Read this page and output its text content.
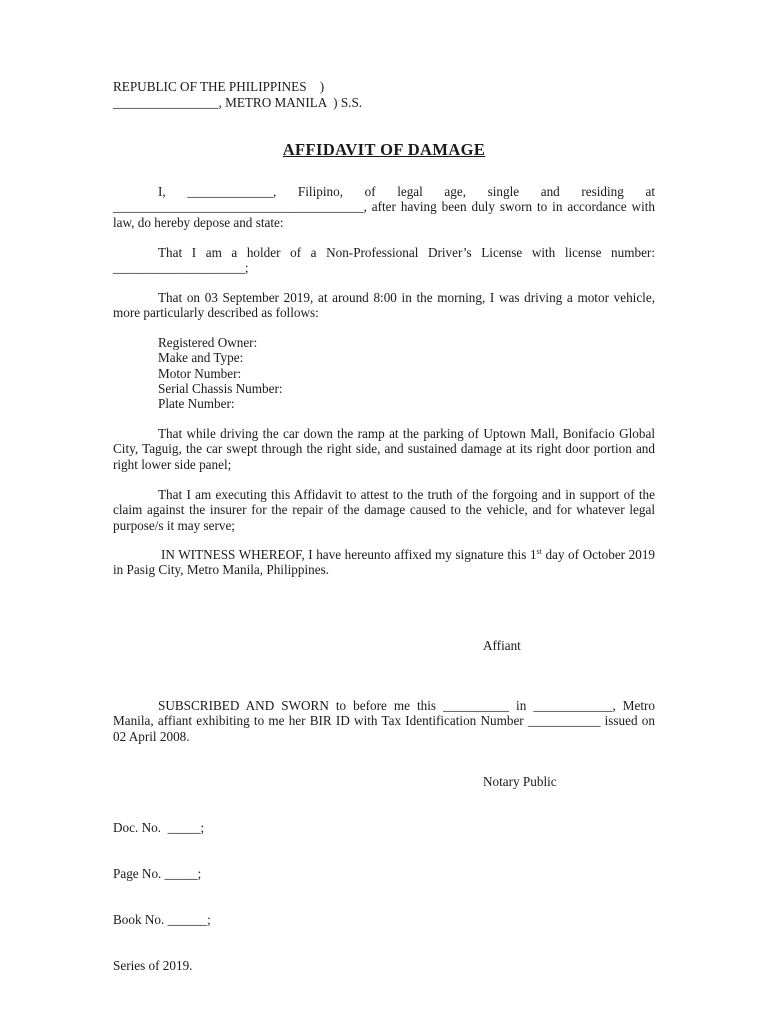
REPUBLIC OF THE PHILIPPINES    )
________________, METRO MANILA  ) S.S.
AFFIDAVIT OF DAMAGE

I, _____________, Filipino, of legal age, single and residing at ______________________________________, after having been duly sworn to in accordance with law, do hereby depose and state:

That I am a holder of a Non-Professional Driver’s License with license number: ____________________;

That on 03 September 2019, at around 8:00 in the morning, I was driving a motor vehicle, more particularly described as follows:

Registered Owner:
Make and Type:
Motor Number:
Serial Chassis Number:
Plate Number:

That while driving the car down the ramp at the parking of Uptown Mall, Bonifacio Global City, Taguig, the car swept through the right side, and sustained damage at its right door portion and right lower side panel;

That I am executing this Affidavit to attest to the truth of the forgoing and in support of the claim against the insurer for the repair of the damage caused to the vehicle, and for whatever legal purpose/s it may serve;

IN WITNESS WHEREOF, I have hereunto affixed my signature this 1st day of October 2019 in Pasig City, Metro Manila, Philippines.

Affiant

SUBSCRIBED AND SWORN to before me this __________ in ____________, Metro Manila, affiant exhibiting to me her BIR ID with Tax Identification Number ___________ issued on 02 April 2008.

Notary Public

Doc. No.  _____;

Page No. _____;

Book No. ______;

Series of 2019.
